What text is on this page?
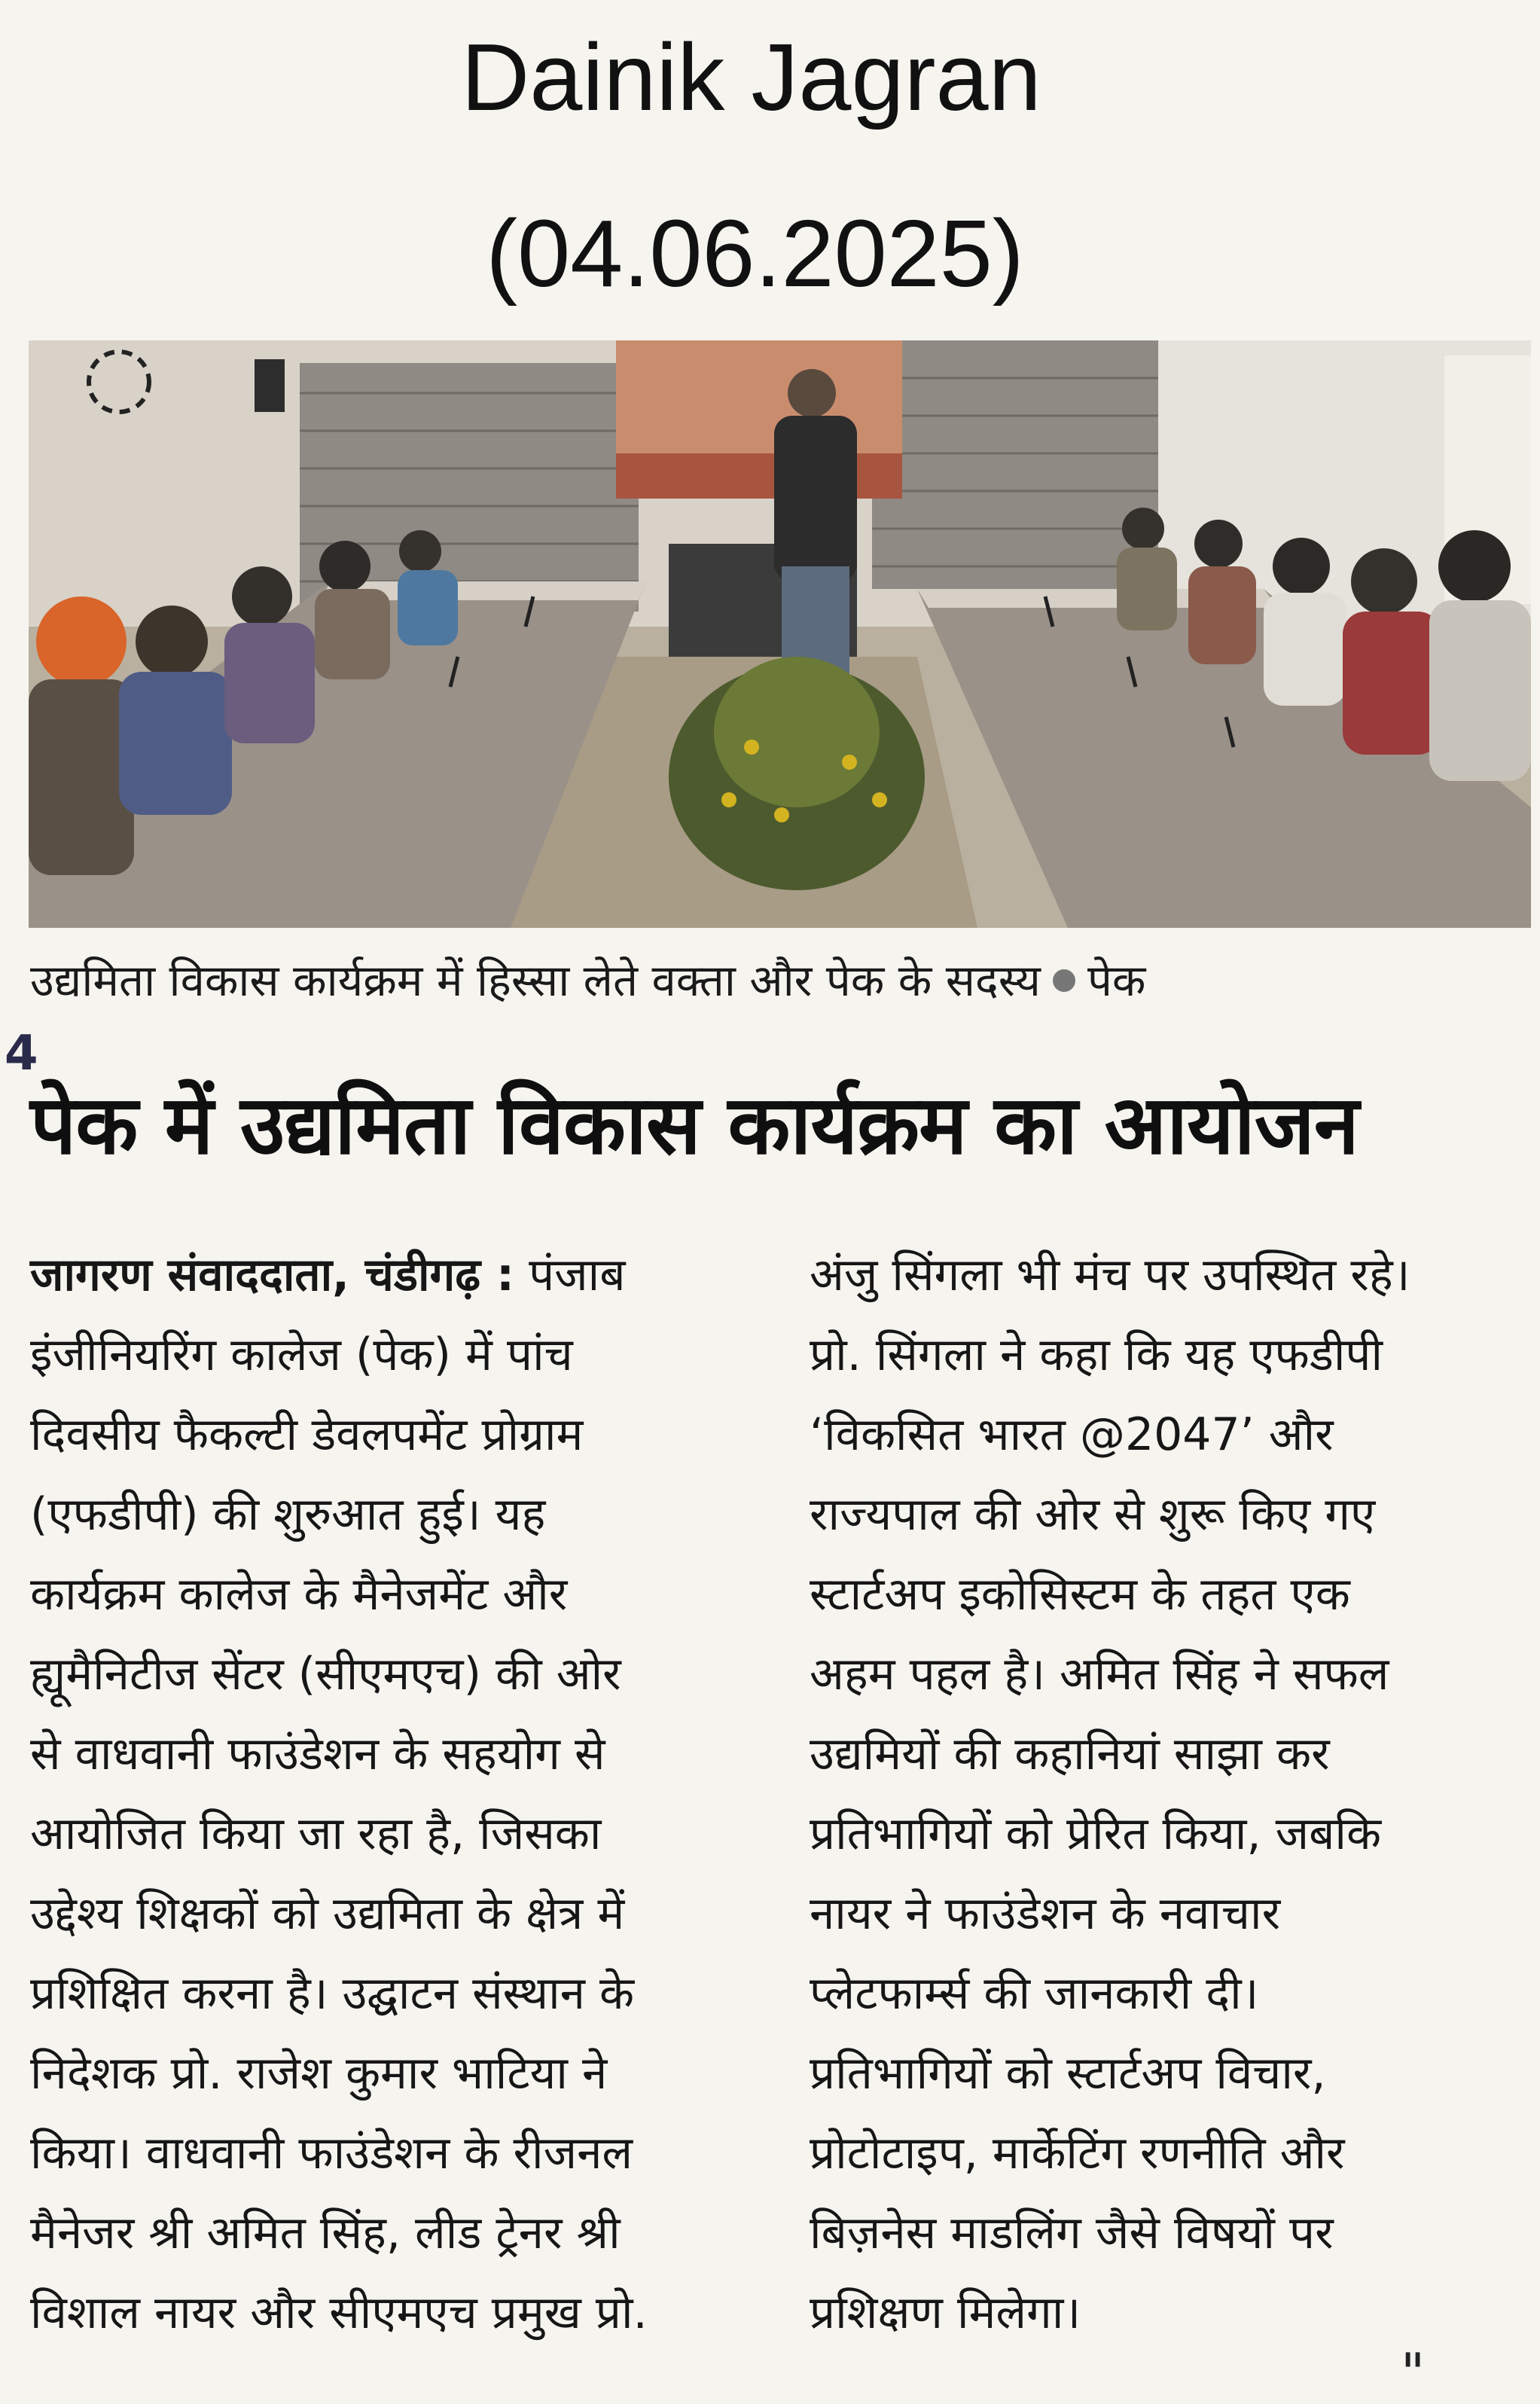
Dainik Jagran
(04.06.2025)
उद्यमिता विकास कार्यक्रम में हिस्सा लेते वक्ता और पेक के सदस्य पेक
4
पेक में उद्यमिता विकास कार्यक्रम का आयोजन
जागरण संवाददाता, चंडीगढ़ : पंजाब
इंजीनियरिंग कालेज (पेक) में पांच
दिवसीय फैकल्टी डेवलपमेंट प्रोग्राम
(एफडीपी) की शुरुआत हुई। यह
कार्यक्रम कालेज के मैनेजमेंट और
ह्यूमैनिटीज सेंटर (सीएमएच) की ओर
से वाधवानी फाउंडेशन के सहयोग से
आयोजित किया जा रहा है, जिसका
उद्देश्य शिक्षकों को उद्यमिता के क्षेत्र में
प्रशिक्षित करना है। उद्घाटन संस्थान के
निदेशक प्रो. राजेश कुमार भाटिया ने
किया। वाधवानी फाउंडेशन के रीजनल
मैनेजर श्री अमित सिंह, लीड ट्रेनर श्री
विशाल नायर और सीएमएच प्रमुख प्रो.
अंजु सिंगला भी मंच पर उपस्थित रहे।
प्रो. सिंगला ने कहा कि यह एफडीपी
‘विकसित भारत @2047’ और
राज्यपाल की ओर से शुरू किए गए
स्टार्टअप इकोसिस्टम के तहत एक
अहम पहल है। अमित सिंह ने सफल
उद्यमियों की कहानियां साझा कर
प्रतिभागियों को प्रेरित किया, जबकि
नायर ने फाउंडेशन के नवाचार
प्लेटफार्म्स की जानकारी दी।
प्रतिभागियों को स्टार्टअप विचार,
प्रोटोटाइप, मार्केटिंग रणनीति और
बिज़नेस माडलिंग जैसे विषयों पर
प्रशिक्षण मिलेगा।
"
